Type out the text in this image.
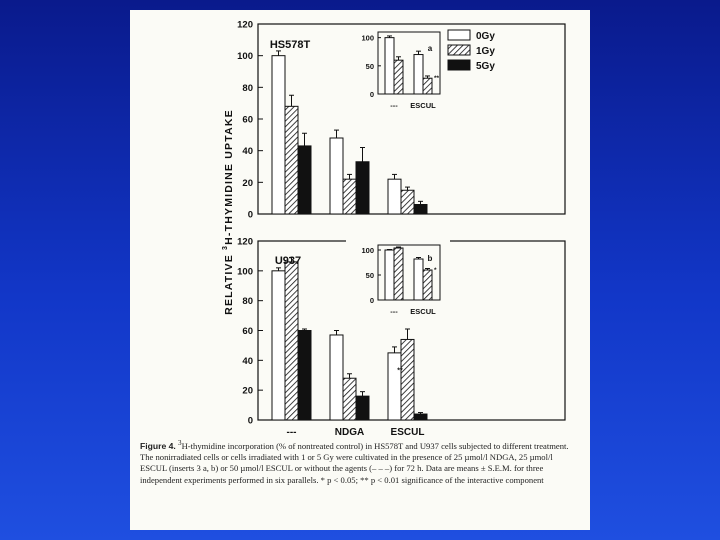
0
20
40
60
80
100
120
HS578T
0
50
100
a
--- ESCUL
**
0
20
40
60
80
100
120
U937
---	NDGA	ESCUL
**
0
50
100
b
--- ESCUL
*
0Gy
1Gy
5Gy
RELATIVE $^3$H-THYMIDINE UPTAKE
Figure 4. $^3$H-thymidine incorporation (% of nontreated control) in HS578T and U937 cells subjected to different treatment. The nonirradiated cells or cells irradiated with 1 or 5 Gy were cultivated in the presence of 25 µmol/l NDGA, 25 µmol/l ESCUL (inserts 3 a, b) or 50 µmol/l ESCUL or without the agents (– – –) for 72 h. Data are means ± S.E.M. for three independent experiments performed in six parallels. * p < 0.05; ** p < 0.01 significance of the interactive component
